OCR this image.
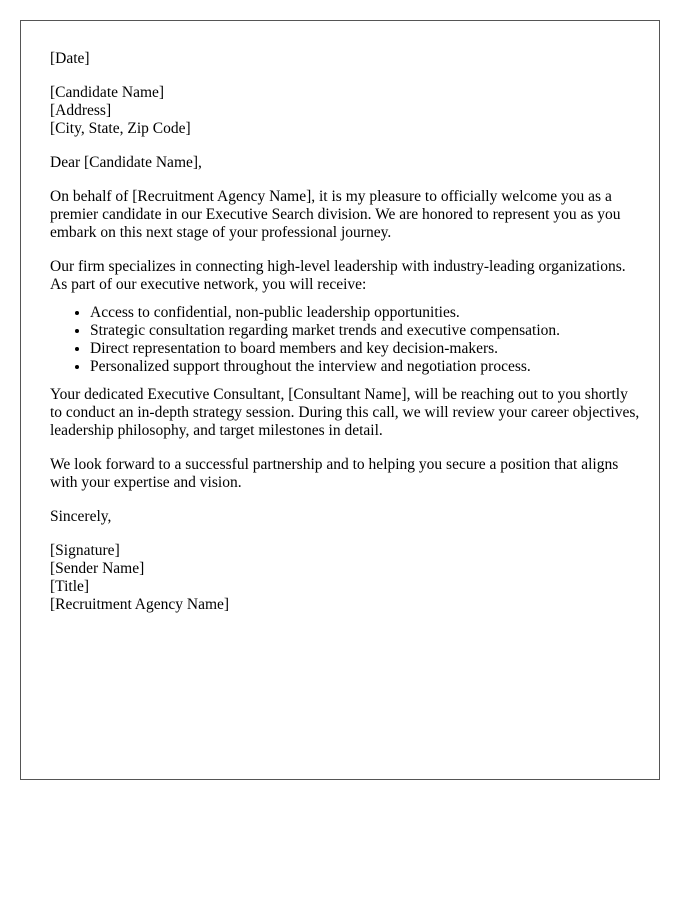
[Date]
[Candidate Name]
[Address]
[City, State, Zip Code]

Dear [Candidate Name],

On behalf of [Recruitment Agency Name], it is my pleasure to officially welcome you as a premier candidate in our Executive Search division. We are honored to represent you as you embark on this next stage of your professional journey.

Our firm specializes in connecting high-level leadership with industry-leading organizations. As part of our executive network, you will receive:

• Access to confidential, non-public leadership opportunities.
• Strategic consultation regarding market trends and executive compensation.
• Direct representation to board members and key decision-makers.
• Personalized support throughout the interview and negotiation process.

Your dedicated Executive Consultant, [Consultant Name], will be reaching out to you shortly to conduct an in-depth strategy session. During this call, we will review your career objectives, leadership philosophy, and target milestones in detail.

We look forward to a successful partnership and to helping you secure a position that aligns with your expertise and vision.

Sincerely,

[Signature]
[Sender Name]
[Title]
[Recruitment Agency Name]
